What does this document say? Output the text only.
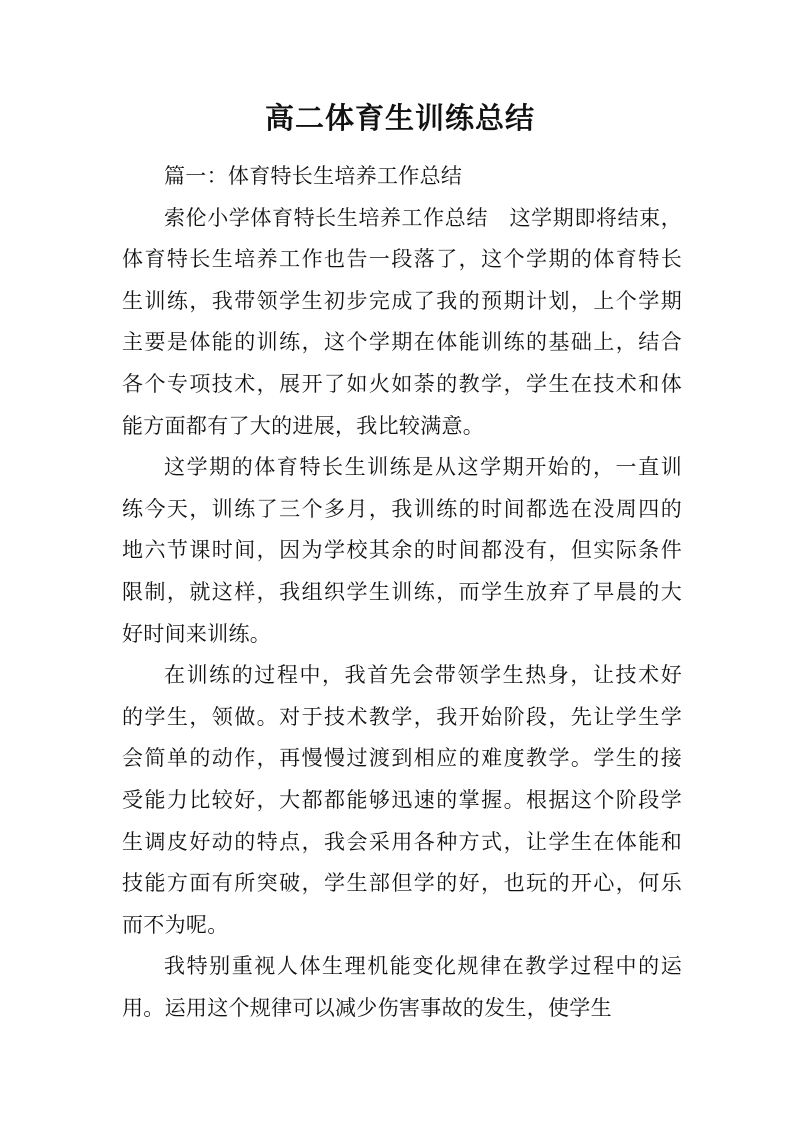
高二体育生训练总结
篇一：体育特长生培养工作总结
索伦小学体育特长生培养工作总结　这学期即将结束，
体育特长生培养工作也告一段落了，这个学期的体育特长
生训练，我带领学生初步完成了我的预期计划，上个学期
主要是体能的训练，这个学期在体能训练的基础上，结合
各个专项技术，展开了如火如荼的教学，学生在技术和体
能方面都有了大的进展，我比较满意。
这学期的体育特长生训练是从这学期开始的，一直训
练今天，训练了三个多月，我训练的时间都选在没周四的
地六节课时间，因为学校其余的时间都没有，但实际条件
限制，就这样，我组织学生训练，而学生放弃了早晨的大
好时间来训练。
在训练的过程中，我首先会带领学生热身，让技术好
的学生，领做。对于技术教学，我开始阶段，先让学生学
会简单的动作，再慢慢过渡到相应的难度教学。学生的接
受能力比较好，大都都能够迅速的掌握。根据这个阶段学
生调皮好动的特点，我会采用各种方式，让学生在体能和
技能方面有所突破，学生部但学的好，也玩的开心，何乐
而不为呢。
我特别重视人体生理机能变化规律在教学过程中的运
用。运用这个规律可以减少伤害事故的发生，使学生
